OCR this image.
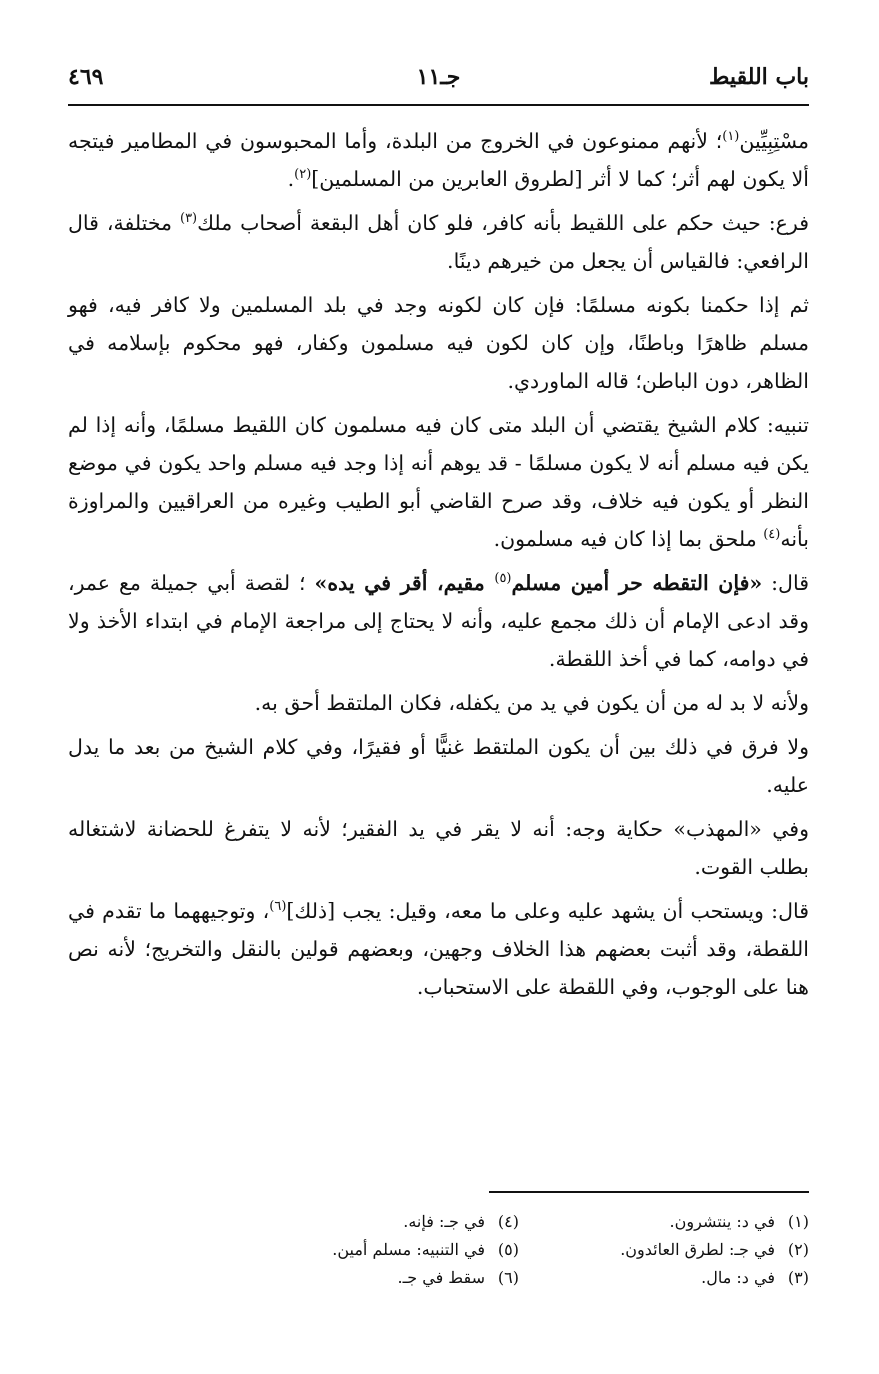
باب اللقيط
جـ١١
٤٦٩

مسْتِبِيِّين$^{(١)}$؛ لأنهم ممنوعون في الخروج من البلدة، وأما المحبوسون في المطامير فيتجه ألا يكون لهم أثر؛ كما لا أثر [لطروق العابرين من المسلمين]$^{(٢)}$.

فرع: حيث حكم على اللقيط بأنه كافر، فلو كان أهل البقعة أصحاب ملك$^{(٣)}$ مختلفة، قال الرافعي: فالقياس أن يجعل من خيرهم دينًا.

ثم إذا حكمنا بكونه مسلمًا: فإن كان لكونه وجد في بلد المسلمين ولا كافر فيه، فهو مسلم ظاهرًا وباطنًا، وإن كان لكون فيه مسلمون وكفار، فهو محكوم بإسلامه في الظاهر، دون الباطن؛ قاله الماوردي.

تنبيه: كلام الشيخ يقتضي أن البلد متى كان فيه مسلمون كان اللقيط مسلمًا، وأنه إذا لم يكن فيه مسلم أنه لا يكون مسلمًا - قد يوهم أنه إذا وجد فيه مسلم واحد يكون في موضع النظر أو يكون فيه خلاف، وقد صرح القاضي أبو الطيب وغيره من العراقيين والمراوزة بأنه$^{(٤)}$ ملحق بما إذا كان فيه مسلمون.

قال: «فإن التقطه حر أمين مسلم$^{(٥)}$ مقيم، أقر في يده» ؛ لقصة أبي جميلة مع عمر، وقد ادعى الإمام أن ذلك مجمع عليه، وأنه لا يحتاج إلى مراجعة الإمام في ابتداء الأخذ ولا في دوامه، كما في أخذ اللقطة.

ولأنه لا بد له من أن يكون في يد من يكفله، فكان الملتقط أحق به.

ولا فرق في ذلك بين أن يكون الملتقط غنيًّا أو فقيرًا، وفي كلام الشيخ من بعد ما يدل عليه.

وفي «المهذب» حكاية وجه: أنه لا يقر في يد الفقير؛ لأنه لا يتفرغ للحضانة لاشتغاله بطلب القوت.

قال: ويستحب أن يشهد عليه وعلى ما معه، وقيل: يجب [ذلك]$^{(٦)}$، وتوجيههما ما تقدم في اللقطة، وقد أثبت بعضهم هذا الخلاف وجهين، وبعضهم قولين بالنقل والتخريج؛ لأنه نص هنا على الوجوب، وفي اللقطة على الاستحباب.

(١)في د: ينتشرون.
(٢)في جـ: لطرق العائدون.
(٣)في د: مال.
(٤)في جـ: فإنه.
(٥)في التنبيه: مسلم أمين.
(٦)سقط في جـ.
